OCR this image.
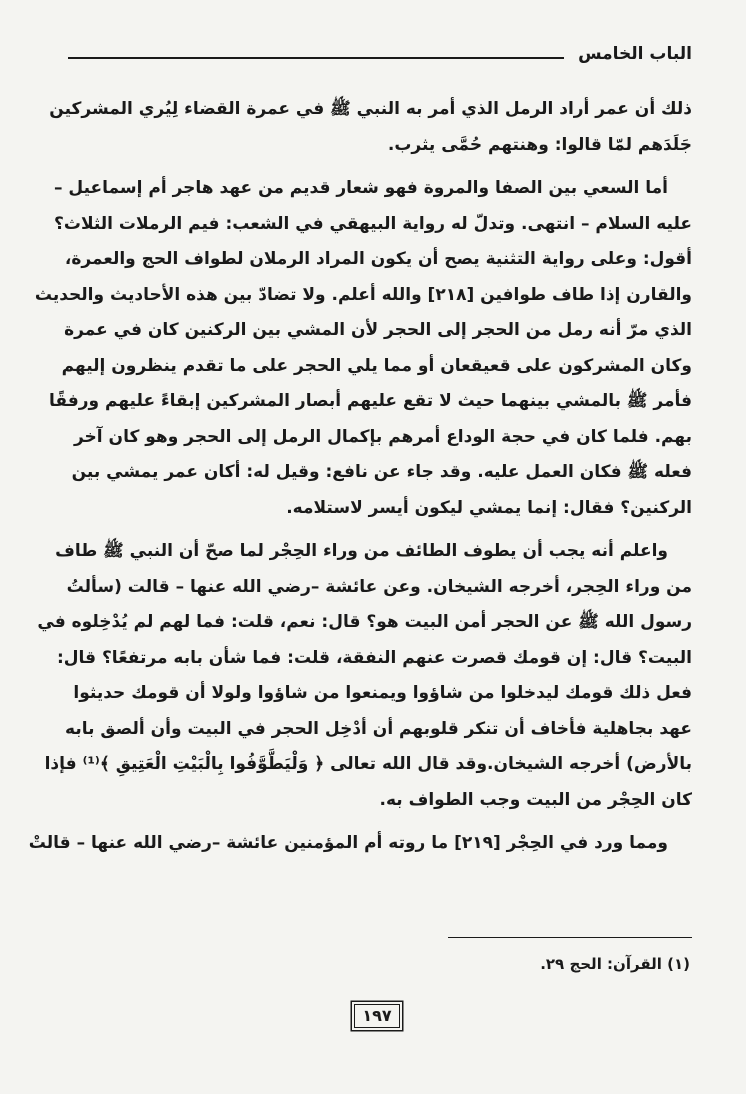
الباب الخامس
ذلك أن عمر أراد الرمل الذي أمر به النبي ﷺ في عمرة القضاء لِيُري المشركين
جَلَدَهم لمّا قالوا: وهنتهم حُمَّى يثرب.
أما السعي بين الصفا والمروة فهو شعار قديم من عهد هاجر أم إسماعيل –
عليه السلام – انتهى. وتدلّ له رواية البيهقي في الشعب: فيم الرملات الثلاث؟
أقول: وعلى رواية التثنية يصح أن يكون المراد الرملان لطواف الحج والعمرة،
والقارن إذا طاف طوافين [٢١٨] والله أعلم. ولا تضادّ بين هذه الأحاديث والحديث
الذي مرّ أنه رمل من الحجر إلى الحجر لأن المشي بين الركنين كان في عمرة
وكان المشركون على قعيقعان أو مما يلي الحجر على ما تقدم ينظرون إليهم
فأمر ﷺ بالمشي بينهما حيث لا تقع عليهم أبصار المشركين إبقاءً عليهم ورفقًا
بهم. فلما كان في حجة الوداع أمرهم بإكمال الرمل إلى الحجر وهو كان آخر
فعله ﷺ فكان العمل عليه. وقد جاء عن نافع: وقيل له: أكان عمر يمشي بين
الركنين؟ فقال: إنما يمشي ليكون أيسر لاستلامه.
واعلم أنه يجب أن يطوف الطائف من وراء الحِجْر لما صحّ أن النبي ﷺ طاف
من وراء الحِجر، أخرجه الشيخان. وعن عائشة –رضي الله عنها – قالت (سألتُ
رسول الله ﷺ عن الحجر أمن البيت هو؟ قال: نعم، قلت: فما لهم لم يُدْخِلوه في
البيت؟ قال: إن قومك قصرت عنهم النفقة، قلت: فما شأن بابه مرتفعًا؟ قال:
فعل ذلك قومك ليدخلوا من شاؤوا ويمنعوا من شاؤوا ولولا أن قومك حديثوا
عهد بجاهلية فأخاف أن تنكر قلوبهم أن أدْخِل الحجر في البيت وأن ألصق بابه
بالأرض) أخرجه الشيخان.وقد قال الله تعالى ﴿ وَلْيَطَّوَّفُوا بِالْبَيْتِ الْعَتِيقِ ﴾⁽¹⁾ فإذا
كان الحِجْر من البيت وجب الطواف به.
ومما ورد في الحِجْر [٢١٩] ما روته أم المؤمنين عائشة –رضي الله عنها – قالتْ
(١) القرآن: الحج ٢٩.
١٩٧
